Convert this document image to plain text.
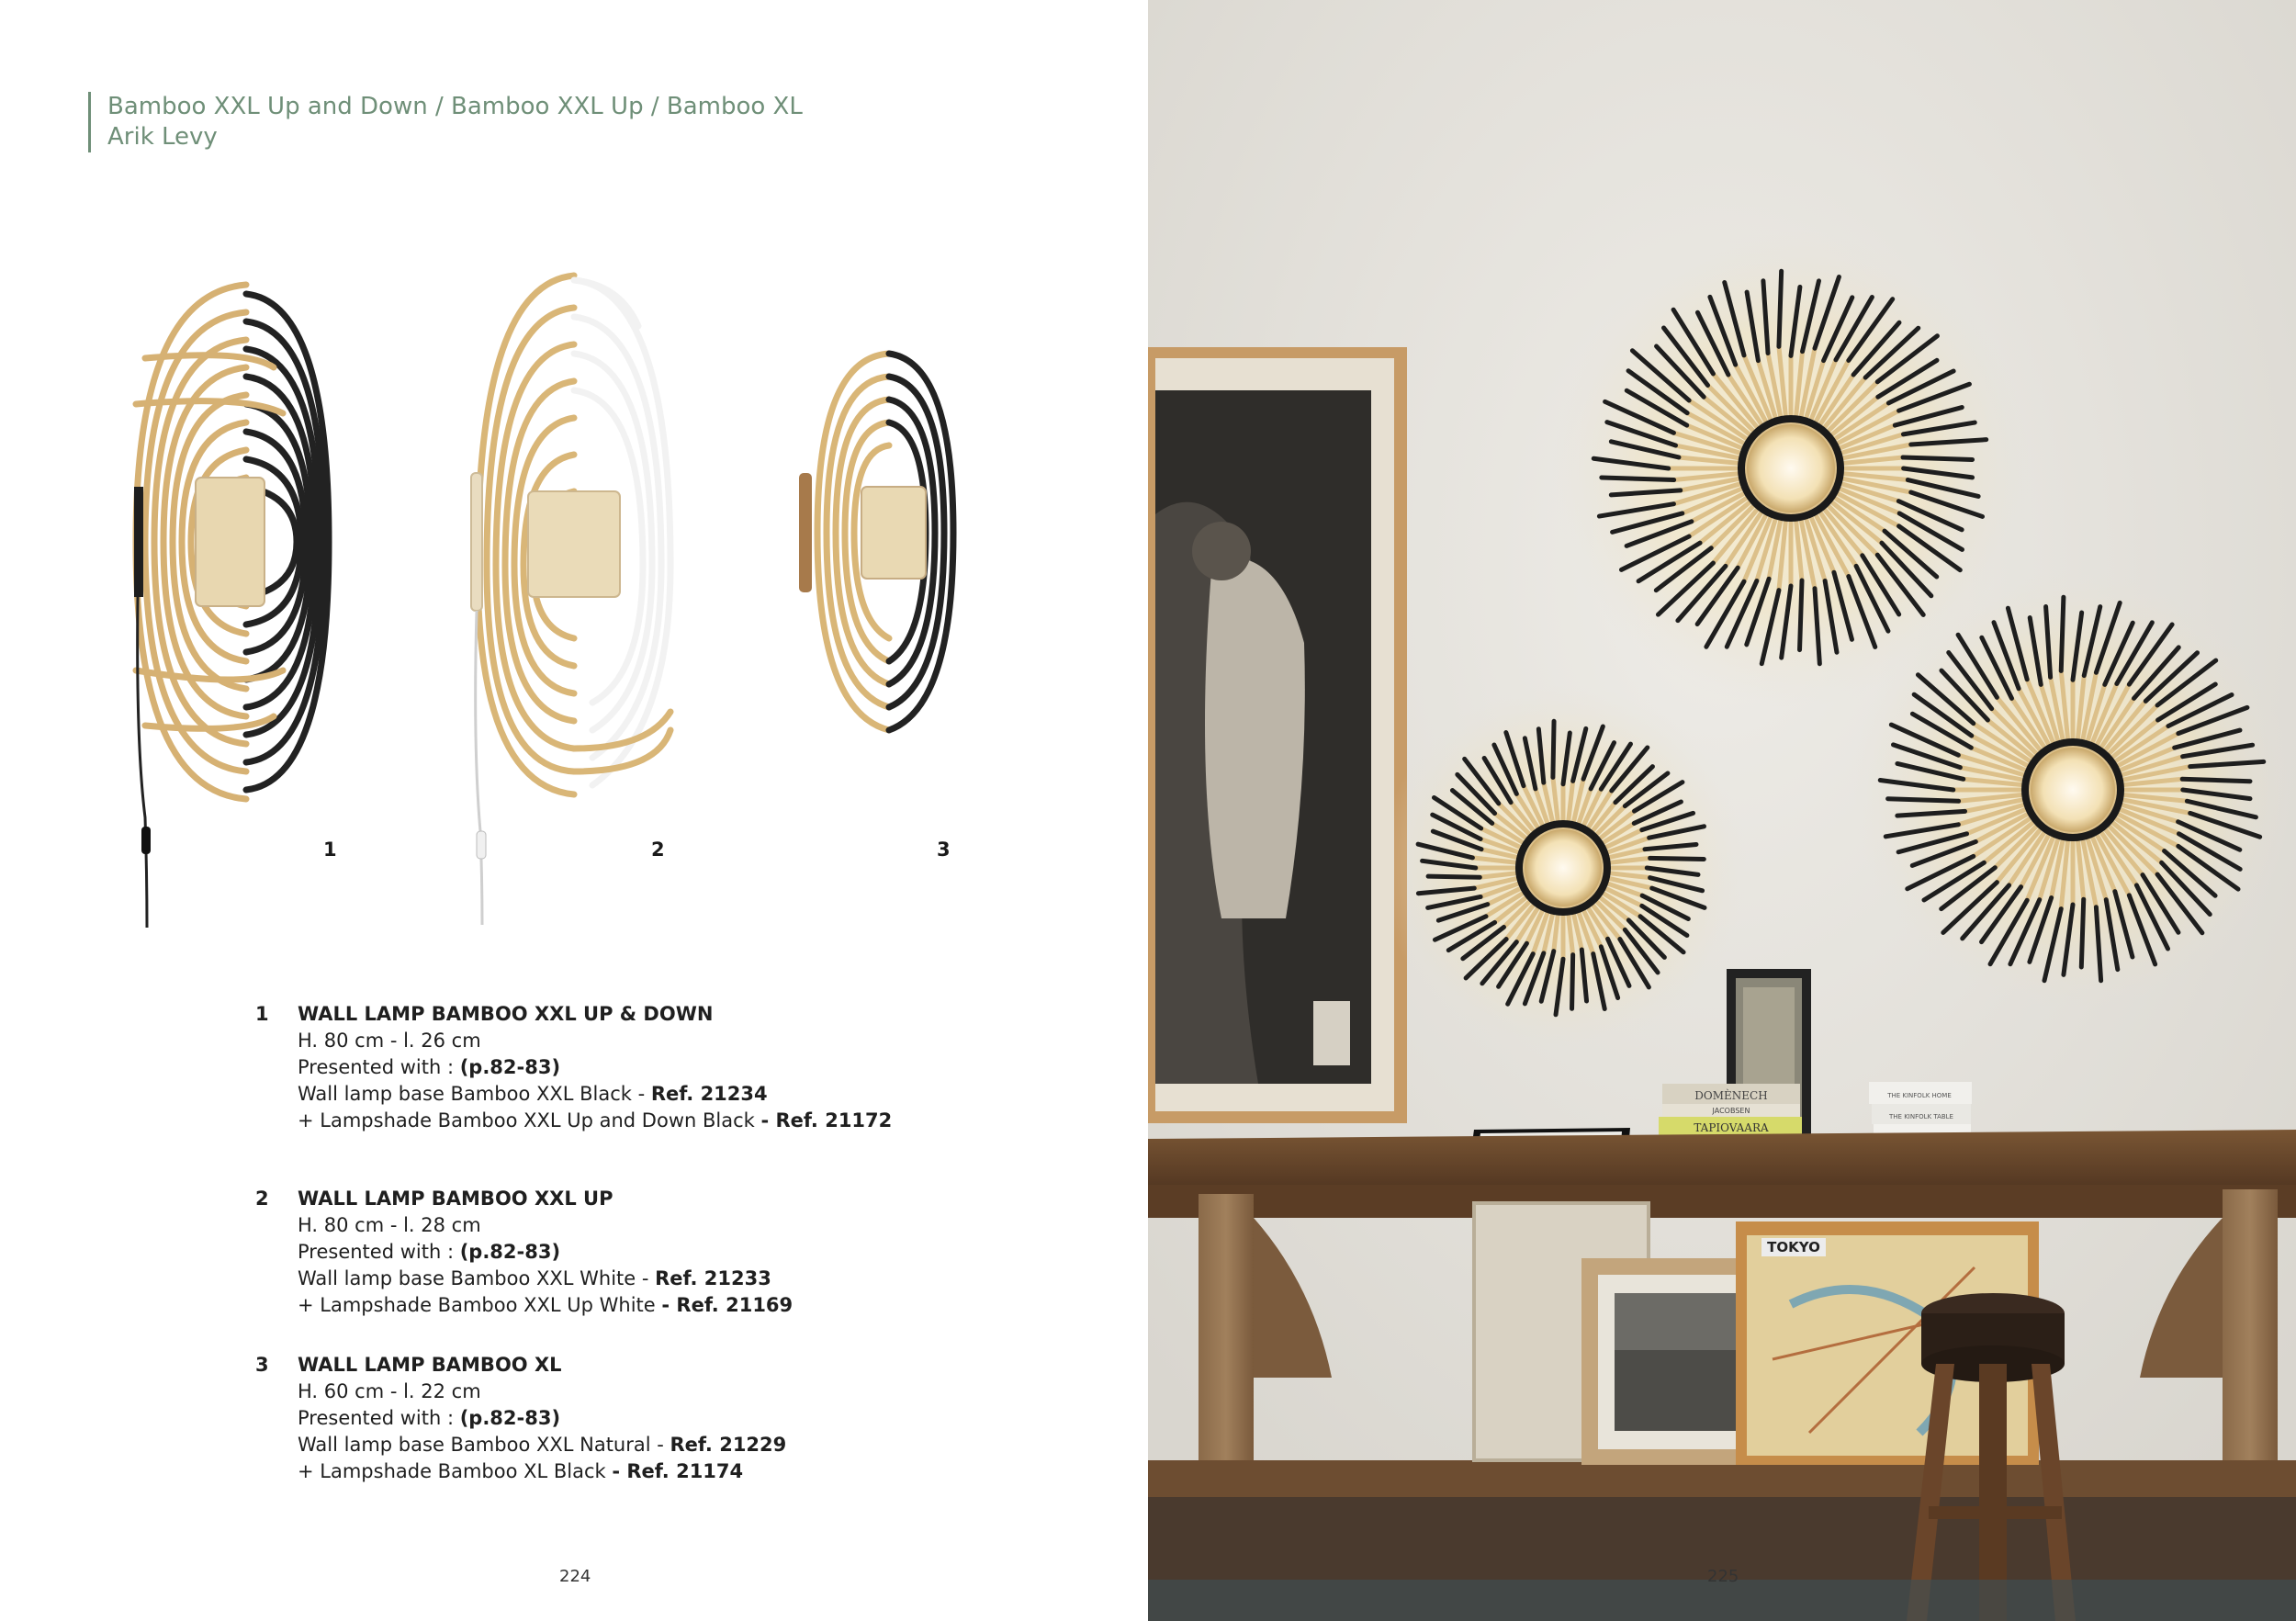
Bamboo XXL Up and Down / Bamboo XXL Up / Bamboo XL
Arik Levy
1	2	3
1 WALL LAMP BAMBOO XXL UP & DOWN
H. 80 cm - l. 26 cm
Presented with : (p.82-83)
Wall lamp base Bamboo XXL Black - Ref. 21234
+ Lampshade Bamboo XXL Up and Down Black - Ref. 21172
2 WALL LAMP BAMBOO XXL UP
H. 80 cm - l. 28 cm
Presented with : (p.82-83)
Wall lamp base Bamboo XXL White - Ref. 21233
+ Lampshade Bamboo XXL Up White - Ref. 21169
3 WALL LAMP BAMBOO XL
H. 60 cm - l. 22 cm
Presented with : (p.82-83)
Wall lamp base Bamboo XXL Natural - Ref. 21229
+ Lampshade Bamboo XL Black - Ref. 21174
224
DOMÈNECH
JACOBSEN
TAPIOVAARA
THE KINFOLK HOME
THE KINFOLK TABLE
TOKYO
225
